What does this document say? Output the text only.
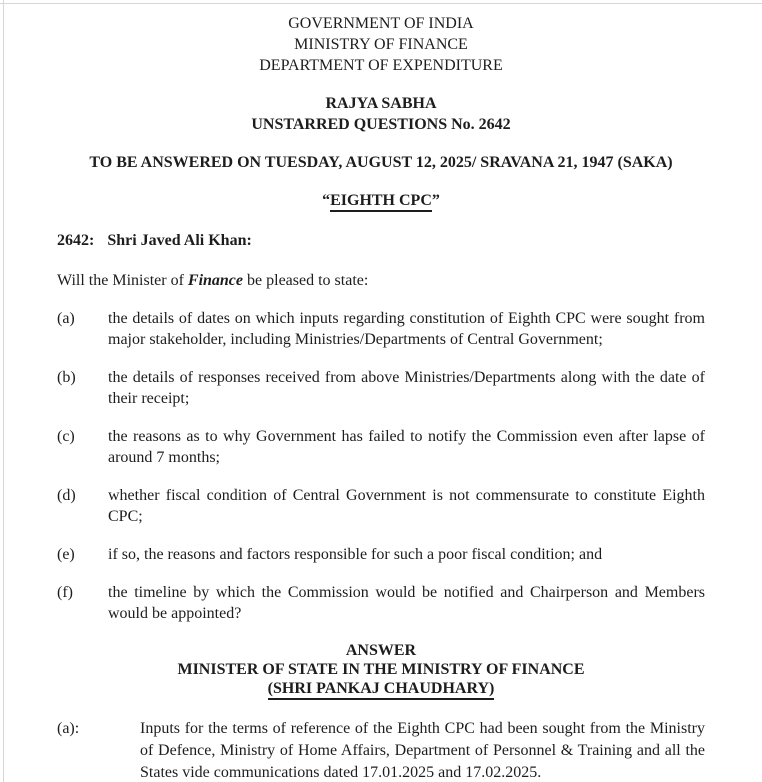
GOVERNMENT OF INDIA
MINISTRY OF FINANCE
DEPARTMENT OF EXPENDITURE
RAJYA SABHA
UNSTARRED QUESTIONS No. 2642
TO BE ANSWERED ON TUESDAY, AUGUST 12, 2025/ SRAVANA 21, 1947 (SAKA)
“EIGHTH CPC”
2642: Shri Javed Ali Khan:
Will the Minister of Finance be pleased to state:
(a)	the details of dates on which inputs regarding constitution of Eighth CPC were sought from major stakeholder, including Ministries/Departments of Central Government;
(b)	the details of responses received from above Ministries/Departments along with the date of their receipt;
(c)	the reasons as to why Government has failed to notify the Commission even after lapse of around 7 months;
(d)	whether fiscal condition of Central Government is not commensurate to constitute Eighth CPC;
(e)	if so, the reasons and factors responsible for such a poor fiscal condition; and
(f)	the timeline by which the Commission would be notified and Chairperson and Members would be appointed?
ANSWER
MINISTER OF STATE IN THE MINISTRY OF FINANCE
(SHRI PANKAJ CHAUDHARY)
(a):	Inputs for the terms of reference of the Eighth CPC had been sought from the Ministry of Defence, Ministry of Home Affairs, Department of Personnel & Training and all the States vide communications dated 17.01.2025 and 17.02.2025.
